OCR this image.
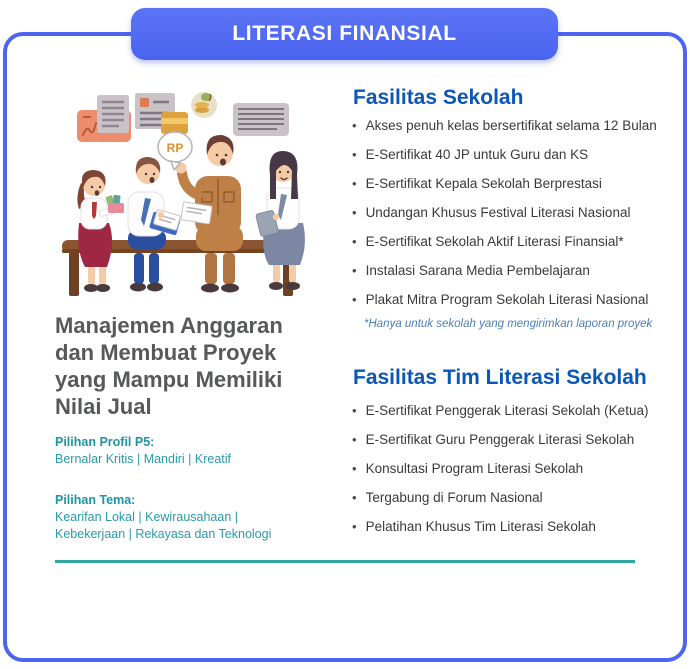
LITERASI FINANSIAL
RP
Manajemen Anggaran dan Membuat Proyek yang Mampu Memiliki Nilai Jual
Pilihan Profil P5:
Bernalar Kritis | Mandiri | Kreatif
Pilihan Tema:
Kearifan Lokal | Kewirausahaan | Kebekerjaan | Rekayasa dan Teknologi
Fasilitas Sekolah
• Akses penuh kelas bersertifikat selama 12 Bulan
• E-Sertifikat 40 JP untuk Guru dan KS
• E-Sertifikat Kepala Sekolah Berprestasi
• Undangan Khusus Festival Literasi Nasional
• E-Sertifikat Sekolah Aktif Literasi Finansial*
• Instalasi Sarana Media Pembelajaran
• Plakat Mitra Program Sekolah Literasi Nasional
*Hanya untuk sekolah yang mengirimkan laporan proyek
Fasilitas Tim Literasi Sekolah
• E-Sertifikat Penggerak Literasi Sekolah (Ketua)
• E-Sertifikat Guru Penggerak Literasi Sekolah
• Konsultasi Program Literasi Sekolah
• Tergabung di Forum Nasional
• Pelatihan Khusus Tim Literasi Sekolah
